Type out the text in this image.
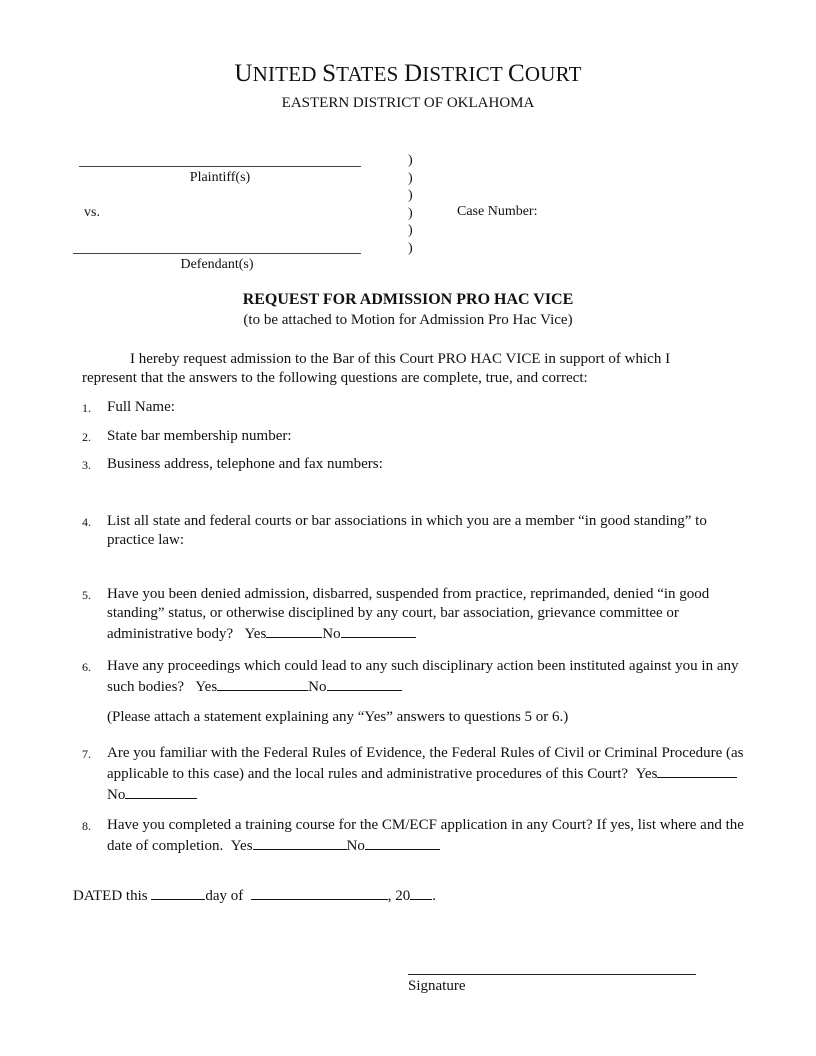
UNITED STATES DISTRICT COURT
EASTERN DISTRICT OF OKLAHOMA
Plaintiff(s)
vs.
Defendant(s)
)
)
)
)
)
)
Case Number:
REQUEST FOR ADMISSION PRO HAC VICE
(to be attached to Motion for Admission Pro Hac Vice)
I hereby request admission to the Bar of this Court PRO HAC VICE in support of which I
represent that the answers to the following questions are complete, true, and correct:
1. Full Name:
2. State bar membership number:
3. Business address, telephone and fax numbers:
4. List all state and federal courts or bar associations in which you are a member “in good standing” to practice law:
5. Have you been denied admission, disbarred, suspended from practice, reprimanded, denied “in good standing” status, or otherwise disciplined by any court, bar association, grievance committee or administrative body? Yes	No
6. Have any proceedings which could lead to any such disciplinary action been instituted against you in any such bodies? Yes	No
(Please attach a statement explaining any “Yes” answers to questions 5 or 6.)
7. Are you familiar with the Federal Rules of Evidence, the Federal Rules of Civil or Criminal Procedure (as applicable to this case) and the local rules and administrative procedures of this Court? YesNo
8. Have you completed a training course for the CM/ECF application in any Court? If yes, list where and the date of completion. Yes	No
DATED this	day of	, 20 .
Signature
